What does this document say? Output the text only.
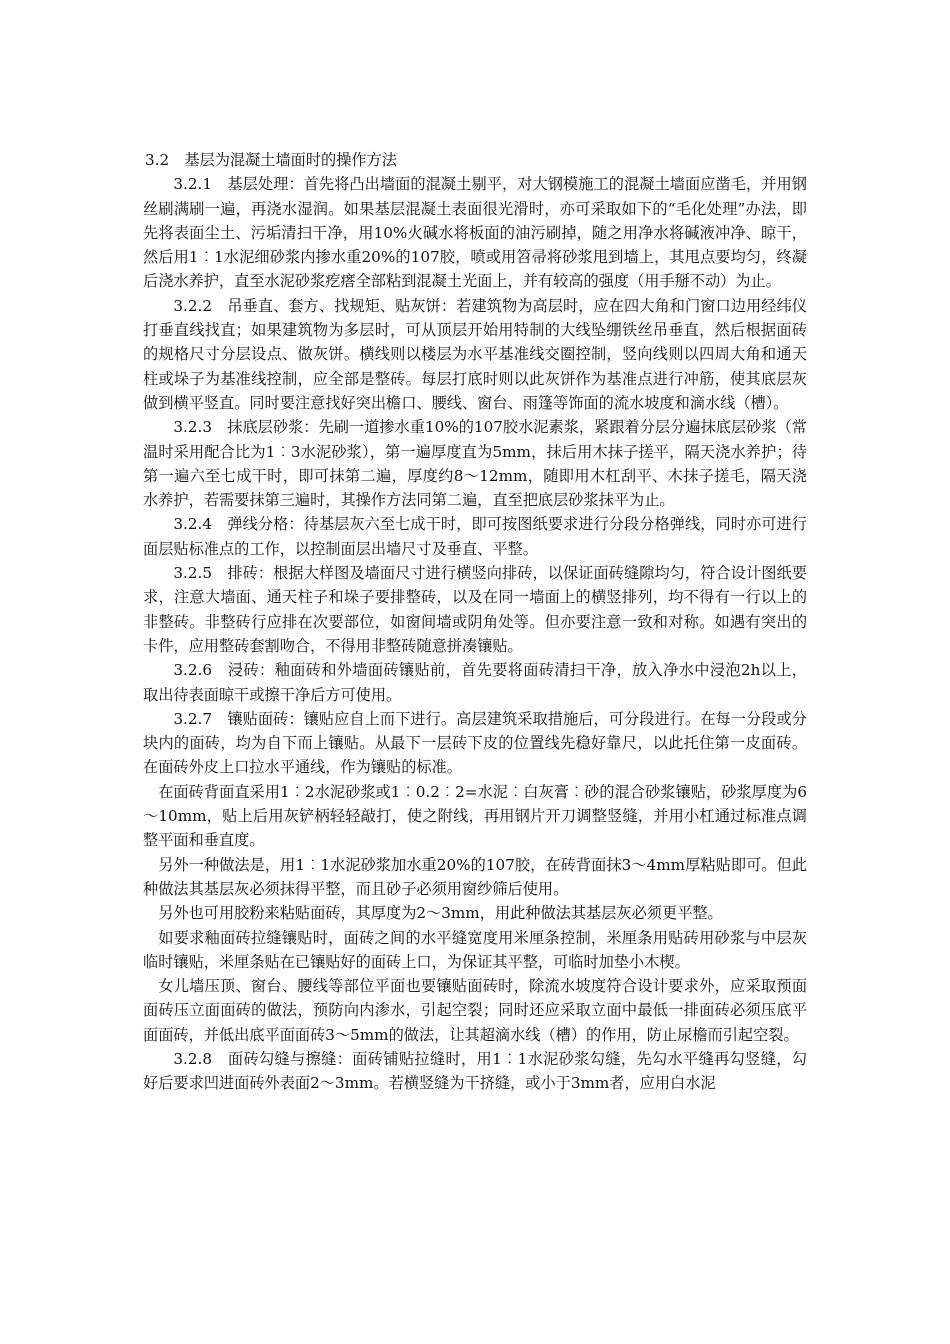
3.2　基层为混凝土墙面时的操作方法

3.2.1　基层处理：首先将凸出墙面的混凝土剔平，对大钢模施工的混凝土墙面应凿毛，并用钢丝刷满刷一遍，再浇水湿润。如果基层混凝土表面很光滑时，亦可采取如下的“毛化处理”办法，即先将表面尘土、污垢清扫干净，用10%火碱水将板面的油污刷掉，随之用净水将碱液冲净、晾干，然后用1︰1水泥细砂浆内掺水重20%的107胶，喷或用笤帚将砂浆甩到墙上，其甩点要均匀，终凝后浇水养护，直至水泥砂浆疙瘩全部粘到混凝土光面上，并有较高的强度（用手掰不动）为止。

3.2.2　吊垂直、套方、找规矩、贴灰饼：若建筑物为高层时，应在四大角和门窗口边用经纬仪打垂直线找直；如果建筑物为多层时，可从顶层开始用特制的大线坠绷铁丝吊垂直，然后根据面砖的规格尺寸分层设点、做灰饼。横线则以楼层为水平基准线交圈控制，竖向线则以四周大角和通天柱或垛子为基准线控制，应全部是整砖。每层打底时则以此灰饼作为基准点进行冲筋，使其底层灰做到横平竖直。同时要注意找好突出檐口、腰线、窗台、雨篷等饰面的流水坡度和滴水线（槽）。

3.2.3　抹底层砂浆：先刷一道掺水重10%的107胶水泥素浆，紧跟着分层分遍抹底层砂浆（常温时采用配合比为1︰3水泥砂浆），第一遍厚度直为5mm，抹后用木抹子搓平，隔天浇水养护；待第一遍六至七成干时，即可抹第二遍，厚度约8～12mm，随即用木杠刮平、木抹子搓毛，隔天浇水养护，若需要抹第三遍时，其操作方法同第二遍，直至把底层砂浆抹平为止。

3.2.4　弹线分格：待基层灰六至七成干时，即可按图纸要求进行分段分格弹线，同时亦可进行面层贴标准点的工作，以控制面层出墙尺寸及垂直、平整。

3.2.5　排砖：根据大样图及墙面尺寸进行横竖向排砖，以保证面砖缝隙均匀，符合设计图纸要求，注意大墙面、通天柱子和垛子要排整砖，以及在同一墙面上的横竖排列，均不得有一行以上的非整砖。非整砖行应排在次要部位，如窗间墙或阴角处等。但亦要注意一致和对称。如遇有突出的卡件，应用整砖套割吻合，不得用非整砖随意拼凑镶贴。

3.2.6　浸砖：釉面砖和外墙面砖镶贴前，首先要将面砖清扫干净，放入净水中浸泡2h以上，取出待表面晾干或擦干净后方可使用。

3.2.7　镶贴面砖：镶贴应自上而下进行。高层建筑采取措施后，可分段进行。在每一分段或分块内的面砖，均为自下而上镶贴。从最下一层砖下皮的位置线先稳好靠尺，以此托住第一皮面砖。在面砖外皮上口拉水平通线，作为镶贴的标准。

在面砖背面直采用1︰2水泥砂浆或1︰0.2︰2=水泥︰白灰膏︰砂的混合砂浆镶贴，砂浆厚度为6～10mm，贴上后用灰铲柄轻轻敲打，使之附线，再用钢片开刀调整竖缝，并用小杠通过标准点调整平面和垂直度。

另外一种做法是，用1︰1水泥砂浆加水重20%的107胶，在砖背面抹3～4mm厚粘贴即可。但此种做法其基层灰必须抹得平整，而且砂子必须用窗纱筛后使用。

另外也可用胶粉来粘贴面砖，其厚度为2～3mm，用此种做法其基层灰必须更平整。

如要求釉面砖拉缝镶贴时，面砖之间的水平缝宽度用米厘条控制，米厘条用贴砖用砂浆与中层灰临时镶贴，米厘条贴在已镶贴好的面砖上口，为保证其平整，可临时加垫小木楔。

女儿墙压顶、窗台、腰线等部位平面也要镶贴面砖时，除流水坡度符合设计要求外，应采取预面面砖压立面面砖的做法，预防向内渗水，引起空裂；同时还应采取立面中最低一排面砖必须压底平面面砖，并低出底平面面砖3～5mm的做法，让其超滴水线（槽）的作用，防止尿檐而引起空裂。

3.2.8　面砖勾缝与擦缝：面砖铺贴拉缝时，用1︰1水泥砂浆勾缝，先勾水平缝再勾竖缝，勾好后要求凹进面砖外表面2～3mm。若横竖缝为干挤缝，或小于3mm者，应用白水泥
